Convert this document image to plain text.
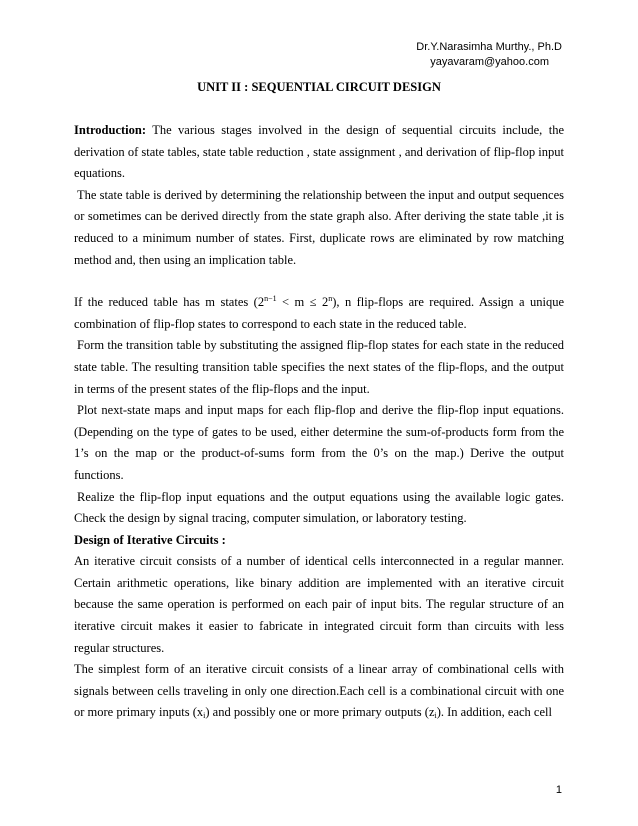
Dr.Y.Narasimha Murthy., Ph.D
yayavaram@yahoo.com
UNIT II : SEQUENTIAL CIRCUIT DESIGN

Introduction: The various stages involved in the design of sequential circuits include, the derivation of state tables, state table reduction , state assignment , and derivation of flip-flop input equations.

The state table is derived by determining the relationship between the input and output sequences or sometimes can be derived directly from the state graph also. After deriving the state table ,it is reduced to a minimum number of states. First, duplicate rows are eliminated by row matching method and, then using an implication table.

If the reduced table has m states $(2^{n-1} < m \le 2^n)$, n flip-flops are required. Assign a unique combination of flip-flop states to correspond to each state in the reduced table.

Form the transition table by substituting the assigned flip-flop states for each state in the reduced state table. The resulting transition table specifies the next states of the flip-flops, and the output in terms of the present states of the flip-flops and the input.

Plot next-state maps and input maps for each flip-flop and derive the flip-flop input equations. (Depending on the type of gates to be used, either determine the sum-of-products form from the 1’s on the map or the product-of-sums form from the 0’s on the map.) Derive the output functions.

Realize the flip-flop input equations and the output equations using the available logic gates. Check the design by signal tracing, computer simulation, or laboratory testing.

Design of Iterative Circuits :

An iterative circuit consists of a number of identical cells interconnected in a regular manner. Certain arithmetic operations, like binary addition are implemented with an iterative circuit because the same operation is performed on each pair of input bits. The regular structure of an iterative circuit makes it easier to fabricate in integrated circuit form than circuits with less regular structures.

The simplest form of an iterative circuit consists of a linear array of combinational cells with signals between cells traveling in only one direction.Each cell is a combinational circuit with one or more primary inputs $(x_i)$ and possibly one or more primary outputs $(z_i)$. In addition, each cell

1
